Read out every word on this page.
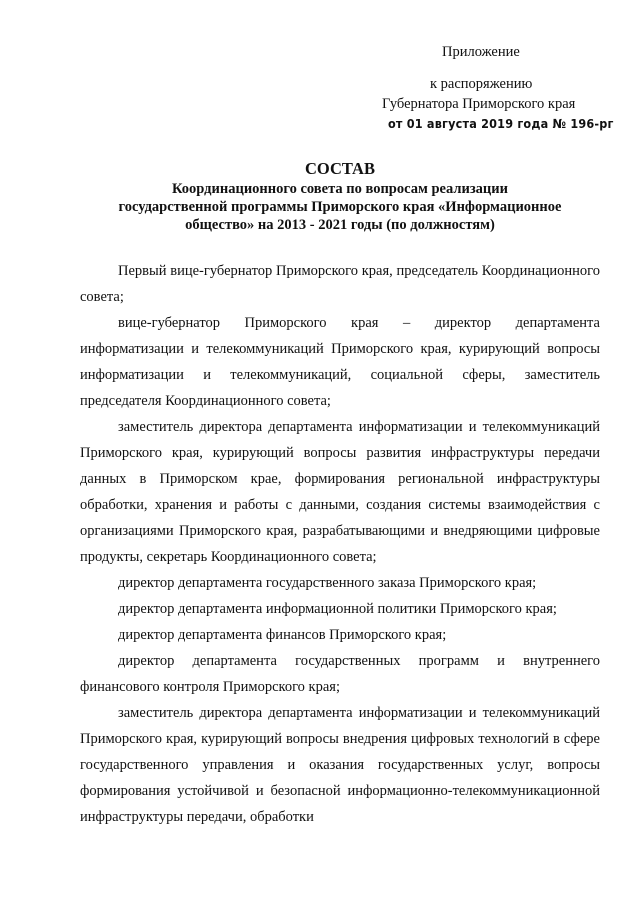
Приложение
к распоряжению
Губернатора Приморского края
от 01 августа 2019 года № 196-рг
СОСТАВ
Координационного совета по вопросам реализации
государственной программы Приморского края «Информационное
общество» на 2013 - 2021 годы (по должностям)

Первый вице-губернатор Приморского края, председатель Координационного совета;

вице-губернатор Приморского края – директор департамента информатизации и телекоммуникаций Приморского края, курирующий вопросы информатизации и телекоммуникаций, социальной сферы, заместитель председателя Координационного совета;

заместитель директора департамента информатизации и телекоммуникаций Приморского края, курирующий вопросы развития инфраструктуры передачи данных в Приморском крае, формирования региональной инфраструктуры обработки, хранения и работы с данными, создания системы взаимодействия с организациями Приморского края, разрабатывающими и внедряющими цифровые продукты, секретарь Координационного совета;

директор департамента государственного заказа Приморского края;

директор департамента информационной политики Приморского края;

директор департамента финансов Приморского края;

директор департамента государственных программ и внутреннего финансового контроля Приморского края;

заместитель директора департамента информатизации и телекоммуникаций Приморского края, курирующий вопросы внедрения цифровых технологий в сфере государственного управления и оказания государственных услуг, вопросы формирования устойчивой и безопасной информационно-телекоммуникационной инфраструктуры передачи, обработки
